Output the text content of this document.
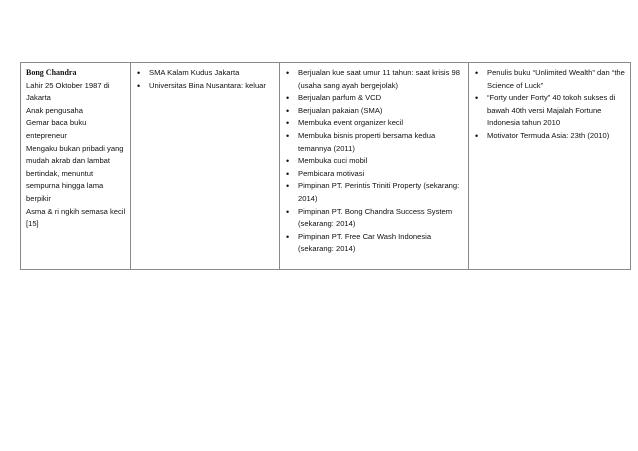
Bong Chandra
Lahir 25 Oktober 1987 di
Jakarta
Anak pengusaha
Gemar baca buku
entepreneur
Mengaku bukan pribadi yang
mudah akrab dan lambat
bertindak, menuntut
sempurna hingga lama
berpikir
Asma & ri ngkih semasa kecil
[15]

• SMA Kalam Kudus Jakarta
• Universitas Bina Nusantara: keluar

• Berjualan kue saat umur 11 tahun: saat krisis 98 (usaha sang ayah bergejolak)
• Berjualan parfum & VCD
• Berjualan pakaian (SMA)
• Membuka event organizer kecil
• Membuka bisnis properti bersama kedua temannya (2011)
• Membuka cuci mobil
• Pembicara motivasi
• Pimpinan PT. Perintis Triniti Property (sekarang: 2014)
• Pimpinan PT. Bong Chandra Success System (sekarang: 2014)
• Pimpinan PT. Free Car Wash Indonesia (sekarang: 2014)

• Penulis buku “Unlimited Wealth” dan “the Science of Luck”
• “Forty under Forty” 40 tokoh sukses di bawah 40th versi Majalah Fortune Indonesia tahun 2010
• Motivator Termuda Asia: 23th (2010)
